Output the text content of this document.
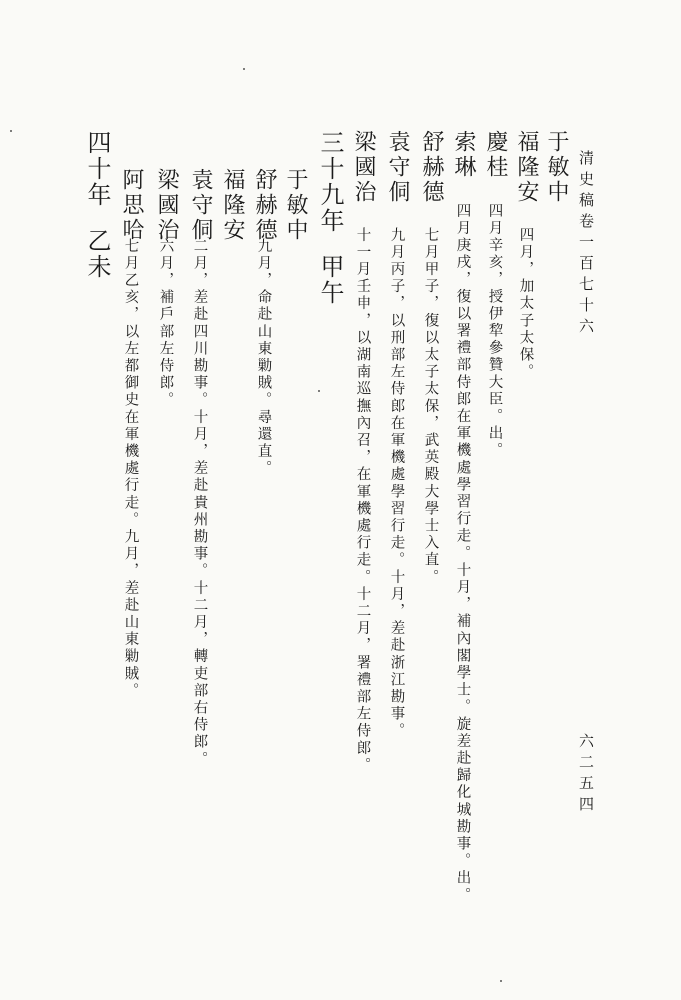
清史稿卷一百七十六
六二五四
于敏中
福隆安
四月，加太子太保。
慶桂
四月辛亥，授伊犂參贊大臣。出。
索琳
四月庚戌，復以署禮部侍郎在軍機處學習行走。十月，補內閣學士。旋差赴歸化城勘事。出。
舒赫德
七月甲子，復以太子太保，武英殿大學士入直。
袁守侗
九月丙子，以刑部左侍郎在軍機處學習行走。十月，差赴浙江勘事。
梁國治
十一月壬申，以湖南巡撫內召，在軍機處行走。十二月，署禮部左侍郎。
三十九年甲午
于敏中
舒赫德
九月，命赴山東勦賊。尋還直。
福隆安
袁守侗
二月，差赴四川勘事。十月，差赴貴州勘事。十二月，轉吏部右侍郎。
梁國治
六月，補戶部左侍郎。
阿思哈
七月乙亥，以左都御史在軍機處行走。九月，差赴山東勦賊。
四十年乙未
